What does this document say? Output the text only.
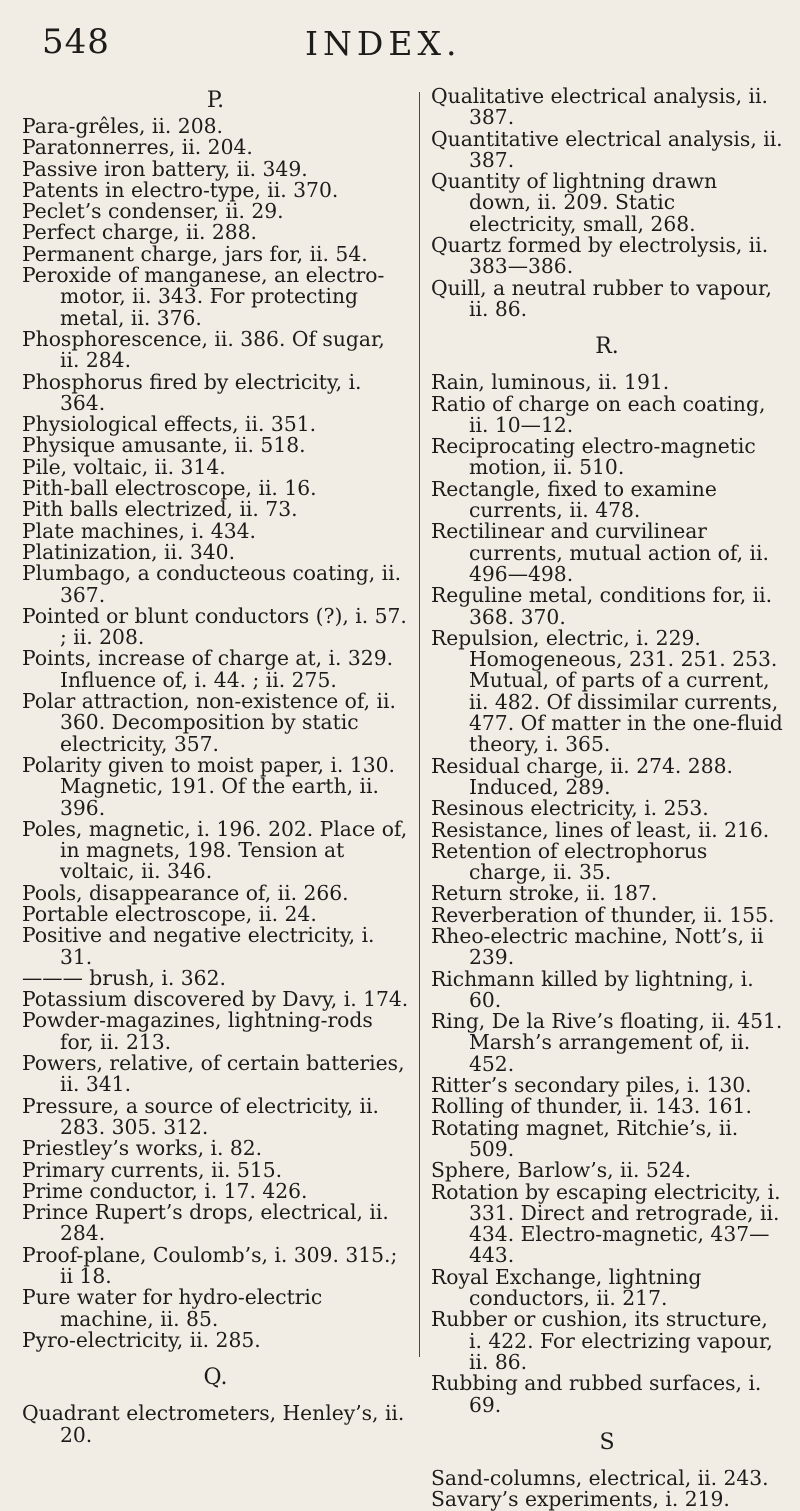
548	INDEX.
P.

Para-grêles, ii. 208.

Paratonnerres, ii. 204.

Passive iron battery, ii. 349.

Patents in electro-type, ii. 370.

Peclet’s condenser, ii. 29.

Perfect charge, ii. 288.

Permanent charge, jars for, ii. 54.

Peroxide of manganese, an electro-motor, ii. 343. For protecting metal, ii. 376.

Phosphorescence, ii. 386. Of sugar, ii. 284.

Phosphorus fired by electricity, i. 364.

Physiological effects, ii. 351.

Physique amusante, ii. 518.

Pile, voltaic, ii. 314.

Pith-ball electroscope, ii. 16.

Pith balls electrized, ii. 73.

Plate machines, i. 434.

Platinization, ii. 340.

Plumbago, a conducteous coating, ii. 367.

Pointed or blunt conductors (?), i. 57. ; ii. 208.

Points, increase of charge at, i. 329. Influence of, i. 44. ; ii. 275.

Polar attraction, non-existence of, ii. 360. Decomposition by static electricity, 357.

Polarity given to moist paper, i. 130. Magnetic, 191. Of the earth, ii. 396.

Poles, magnetic, i. 196. 202. Place of, in magnets, 198. Tension at voltaic, ii. 346.

Pools, disappearance of, ii. 266.

Portable electroscope, ii. 24.

Positive and negative electricity, i. 31.

——— brush, i. 362.

Potassium discovered by Davy, i. 174.

Powder-magazines, lightning-rods for, ii. 213.

Powers, relative, of certain batteries, ii. 341.

Pressure, a source of electricity, ii. 283. 305. 312.

Priestley’s works, i. 82.

Primary currents, ii. 515.

Prime conductor, i. 17. 426.

Prince Rupert’s drops, electrical, ii. 284.

Proof-plane, Coulomb’s, i. 309. 315.; ii 18.

Pure water for hydro-electric machine, ii. 85.

Pyro-electricity, ii. 285.

Q.

Quadrant electrometers, Henley’s, ii. 20.

Qualitative electrical analysis, ii. 387.

Quantitative electrical analysis, ii. 387.

Quantity of lightning drawn down, ii. 209. Static electricity, small, 268.

Quartz formed by electrolysis, ii. 383—386.

Quill, a neutral rubber to vapour, ii. 86.

R.

Rain, luminous, ii. 191.

Ratio of charge on each coating, ii. 10—12.

Reciprocating electro-magnetic motion, ii. 510.

Rectangle, fixed to examine currents, ii. 478.

Rectilinear and curvilinear currents, mutual action of, ii. 496—498.

Reguline metal, conditions for, ii. 368. 370.

Repulsion, electric, i. 229. Homogeneous, 231. 251. 253. Mutual, of parts of a current, ii. 482. Of dissimilar currents, 477. Of matter in the one-fluid theory, i. 365.

Residual charge, ii. 274. 288. Induced, 289.

Resinous electricity, i. 253.

Resistance, lines of least, ii. 216.

Retention of electrophorus charge, ii. 35.

Return stroke, ii. 187.

Reverberation of thunder, ii. 155.

Rheo-electric machine, Nott’s, ii 239.

Richmann killed by lightning, i. 60.

Ring, De la Rive’s floating, ii. 451. Marsh’s arrangement of, ii. 452.

Ritter’s secondary piles, i. 130.

Rolling of thunder, ii. 143. 161.

Rotating magnet, Ritchie’s, ii. 509.

Sphere, Barlow’s, ii. 524.

Rotation by escaping electricity, i. 331. Direct and retrograde, ii. 434. Electro-magnetic, 437—443.

Royal Exchange, lightning conductors, ii. 217.

Rubber or cushion, its structure, i. 422. For electrizing vapour, ii. 86.

Rubbing and rubbed surfaces, i. 69.

S

Sand-columns, electrical, ii. 243.

Savary’s experiments, i. 219.
